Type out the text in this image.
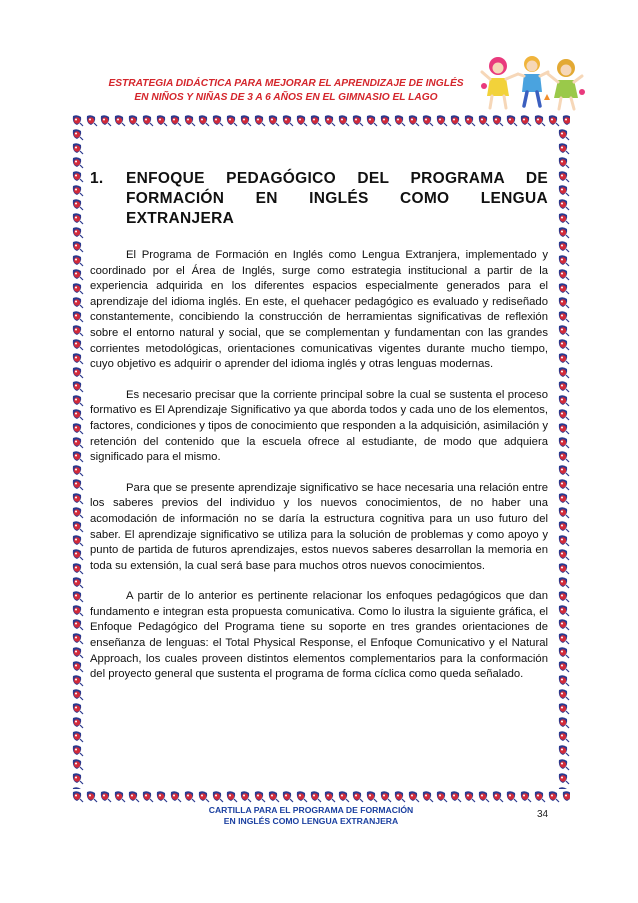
ESTRATEGIA DIDÁCTICA PARA MEJORAR EL APRENDIZAJE DE INGLÉS
EN NIÑOS Y NIÑAS DE 3 A 6 AÑOS EN EL GIMNASIO EL LAGO
1.	ENFOQUE PEDAGÓGICO DEL PROGRAMA DE FORMACIÓN EN INGLÉS COMO LENGUA EXTRANJERA

El Programa de Formación en Inglés como Lengua Extranjera, implementado y coordinado por el Área de Inglés, surge como estrategia institucional a partir de la experiencia adquirida en los diferentes espacios especialmente generados para el aprendizaje del idioma inglés. En este, el quehacer pedagógico es evaluado y rediseñado constantemente, concibiendo la construcción de herramientas significativas de reflexión sobre el entorno natural y social, que se complementan y fundamentan con las grandes corrientes metodológicas, orientaciones comunicativas vigentes durante mucho tiempo, cuyo objetivo es adquirir o aprender del idioma inglés y otras lenguas modernas.

Es necesario precisar que la corriente principal sobre la cual se sustenta el proceso formativo es El Aprendizaje Significativo ya que aborda todos y cada uno de los elementos, factores, condiciones y tipos de conocimiento que responden a la adquisición, asimilación y retención del contenido que la escuela ofrece al estudiante, de modo que adquiera significado para el mismo.

Para que se presente aprendizaje significativo se hace necesaria una relación entre los saberes previos del individuo y los nuevos conocimientos, de no haber una acomodación de información no se daría la estructura cognitiva para un uso futuro del saber. El aprendizaje significativo se utiliza para la solución de problemas y como apoyo y punto de partida de futuros aprendizajes, estos nuevos saberes desarrollan la memoria en toda su extensión, la cual será base para muchos otros nuevos conocimientos.

A partir de lo anterior es pertinente relacionar los enfoques pedagógicos que dan fundamento e integran esta propuesta comunicativa. Como lo ilustra la siguiente gráfica, el Enfoque Pedagógico del Programa tiene su soporte en tres grandes orientaciones de enseñanza de lenguas: el Total Physical Response, el Enfoque Comunicativo y el Natural Approach, los cuales proveen distintos elementos complementarios para la conformación del proyecto general que sustenta el programa de forma cíclica como queda señalado.

CARTILLA PARA EL PROGRAMA DE FORMACIÓN
EN INGLÉS COMO LENGUA EXTRANJERA
34
